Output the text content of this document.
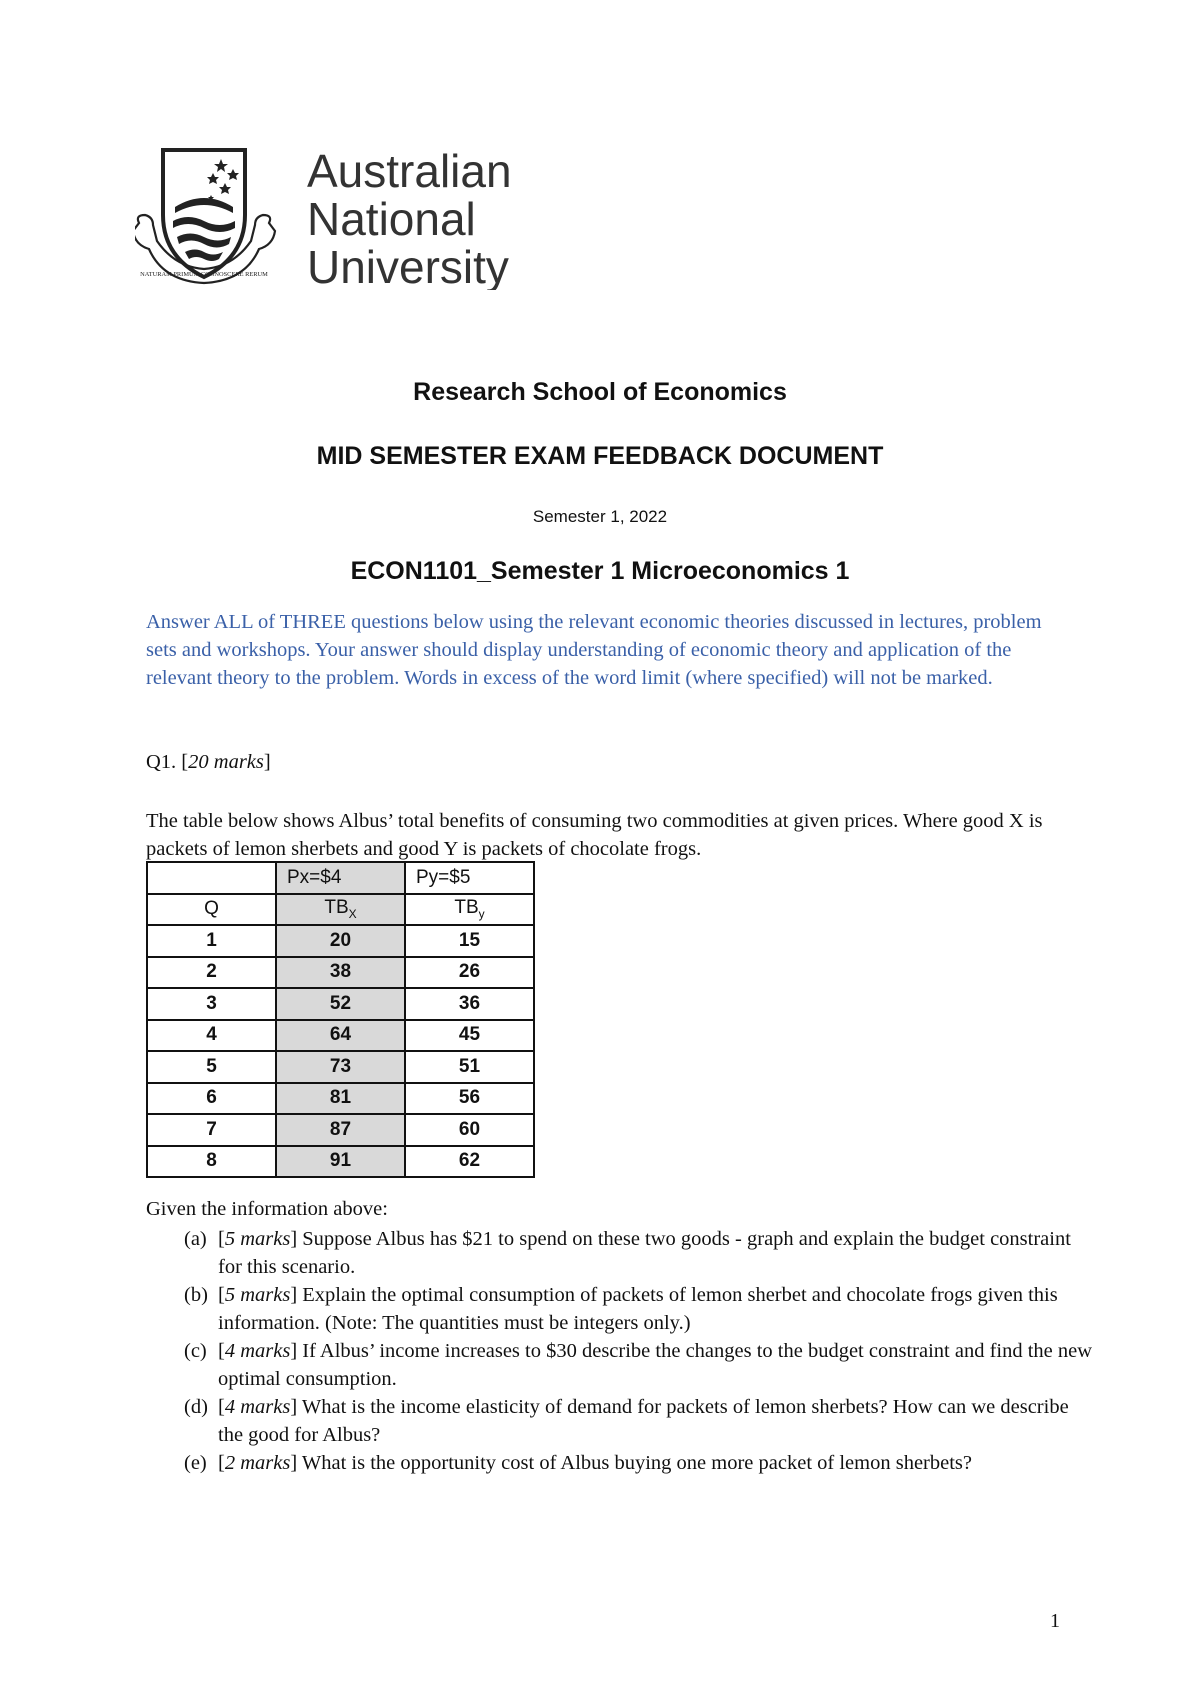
NATURAM PRIMUM COGNOSCERE RERUM
Australian
National
University
Research School of Economics
MID SEMESTER EXAM FEEDBACK DOCUMENT
Semester 1, 2022
ECON1101_Semester 1 Microeconomics 1
Answer ALL of THREE questions below using the relevant economic theories discussed in lectures, problem sets and workshops. Your answer should display understanding of economic theory and application of the relevant theory to the problem. Words in excess of the word limit (where specified) will not be marked.
Q1. [20 marks]
The table below shows Albus’ total benefits of consuming two commodities at given prices. Where good X is packets of lemon sherbets and good Y is packets of chocolate frogs.
	Px=$4	Py=$5
Q	$TB_X$	$TB_y$
1	20	15
2	38	26
3	52	36
4	64	45
5	73	51
6	81	56
7	87	60
8	91	62
Given the information above:
(a) [5 marks] Suppose Albus has $21 to spend on these two goods - graph and explain the budget constraint for this scenario.
(b) [5 marks] Explain the optimal consumption of packets of lemon sherbet and chocolate frogs given this information. (Note: The quantities must be integers only.)
(c) [4 marks] If Albus’ income increases to $30 describe the changes to the budget constraint and find the new optimal consumption.
(d) [4 marks] What is the income elasticity of demand for packets of lemon sherbets? How can we describe the good for Albus?
(e) [2 marks] What is the opportunity cost of Albus buying one more packet of lemon sherbets?
1
